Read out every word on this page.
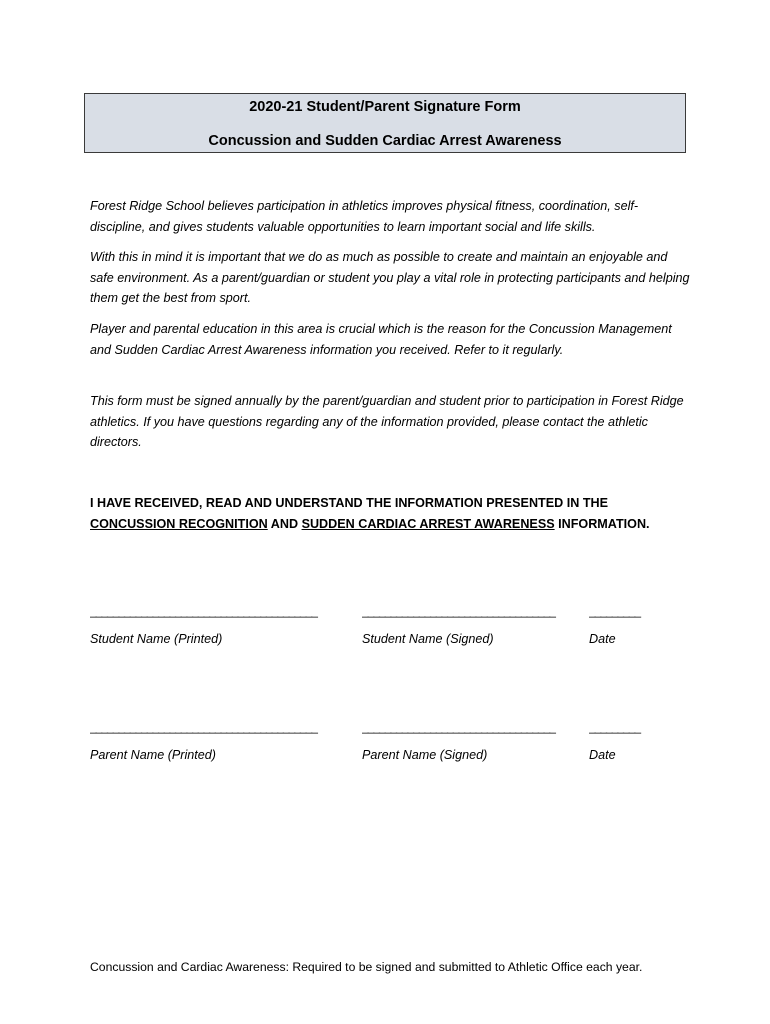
2020-21 Student/Parent Signature Form
Concussion and Sudden Cardiac Arrest Awareness

Forest Ridge School believes participation in athletics improves physical fitness, coordination, self-discipline, and gives students valuable opportunities to learn important social and life skills.

With this in mind it is important that we do as much as possible to create and maintain an enjoyable and safe environment. As a parent/guardian or student you play a vital role in protecting participants and helping them get the best from sport.

Player and parental education in this area is crucial which is the reason for the Concussion Management and Sudden Cardiac Arrest Awareness information you received. Refer to it regularly.

This form must be signed annually by the parent/guardian and student prior to participation in Forest Ridge athletics. If you have questions regarding any of the information provided, please contact the athletic directors.

I HAVE RECEIVED, READ AND UNDERSTAND THE INFORMATION PRESENTED IN THE
CONCUSSION RECOGNITION AND SUDDEN CARDIAC ARREST AWARENESS INFORMATION.

________________________________________	__________________________________	_________
Student Name (Printed)	Student Name (Signed)	Date
________________________________________	__________________________________	_________
Parent Name (Printed)	Parent Name (Signed)	Date
Concussion and Cardiac Awareness: Required to be signed and submitted to Athletic Office each year.
